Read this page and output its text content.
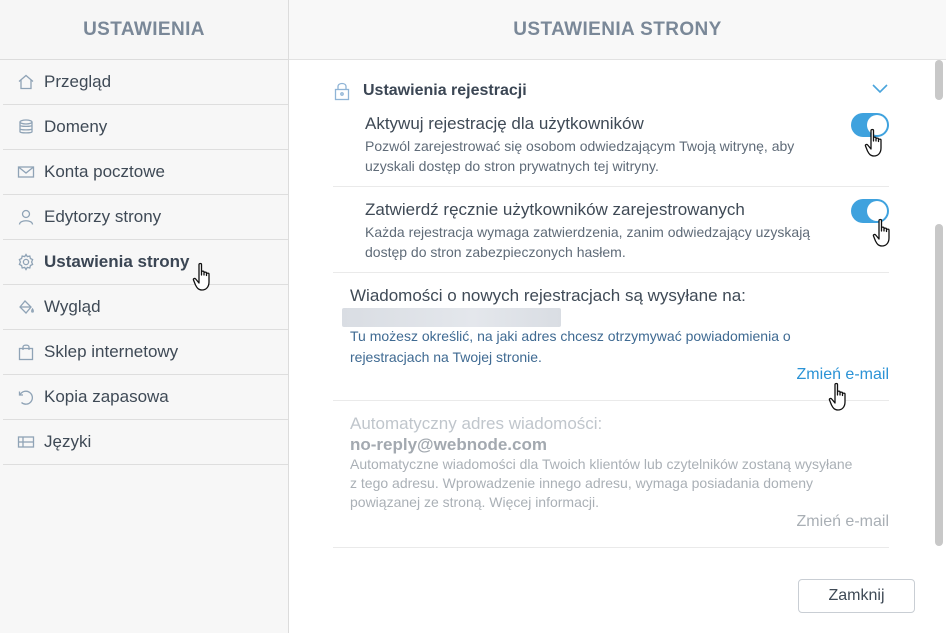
USTAWIENIA
Przegląd
Domeny
Konta pocztowe
Edytorzy strony
Ustawienia strony
Wygląd
Sklep internetowy
Kopia zapasowa
Języki
USTAWIENIA STRONY
Ustawienia rejestracji
Aktywuj rejestrację dla użytkowników
Pozwól zarejestrować się osobom odwiedzającym Twoją witrynę, aby uzyskali dostęp do stron prywatnych tej witryny.
Zatwierdź ręcznie użytkowników zarejestrowanych
Każda rejestracja wymaga zatwierdzenia, zanim odwiedzający uzyskają dostęp do stron zabezpieczonych hasłem.
Wiadomości o nowych rejestracjach są wysyłane na:
Tu możesz określić, na jaki adres chcesz otrzymywać powiadomienia o rejestracjach na Twojej stronie.
Zmień e-mail
Automatyczny adres wiadomości:
no-reply@webnode.com
Automatyczne wiadomości dla Twoich klientów lub czytelników zostaną wysyłane z tego adresu. Wprowadzenie innego adresu, wymaga posiadania domeny powiązanej ze stroną. Więcej informacji.
Zmień e-mail
Zamknij
